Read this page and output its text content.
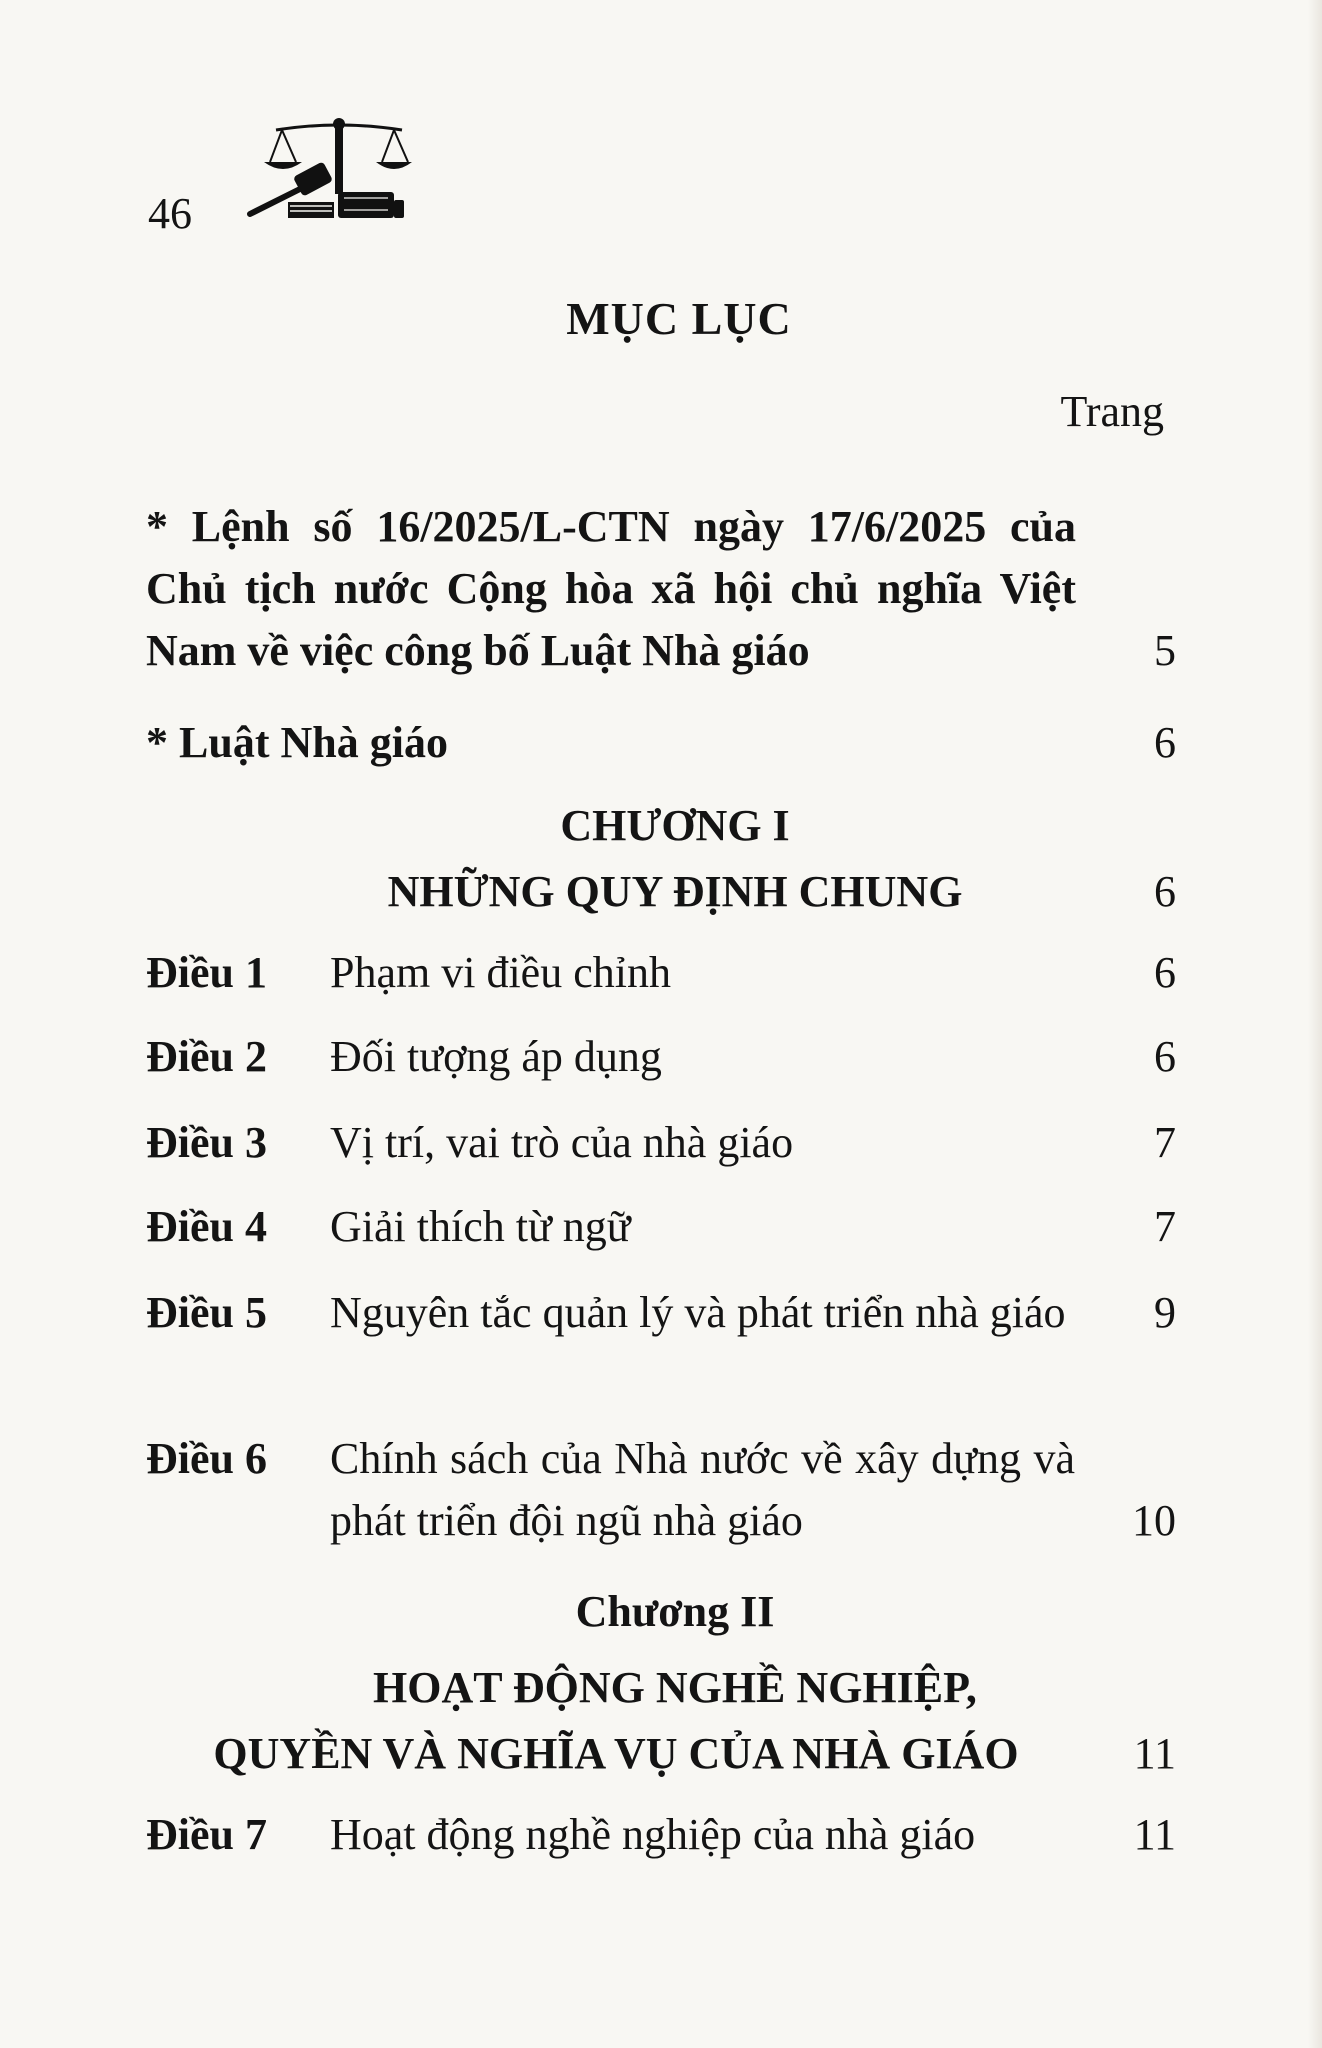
46
MỤC LỤC
Trang
* Lệnh số 16/2025/L-CTN ngày 17/6/2025 của Chủ tịch nước Cộng hòa xã hội chủ nghĩa Việt Nam về việc công bố Luật Nhà giáo	5
* Luật Nhà giáo	6
CHƯƠNG I
NHỮNG QUY ĐỊNH CHUNG	6
Điều 1 Phạm vi điều chỉnh	6
Điều 2 Đối tượng áp dụng	6
Điều 3 Vị trí, vai trò của nhà giáo	7
Điều 4 Giải thích từ ngữ	7
Điều 5 Nguyên tắc quản lý và phát triển nhà giáo 9
Điều 6 Chính sách của Nhà nước về xây dựng và phát triển đội ngũ nhà giáo	10
Chương II
HOẠT ĐỘNG NGHỀ NGHIỆP,
QUYỀN VÀ NGHĨA VỤ CỦA NHÀ GIÁO	11
Điều 7 Hoạt động nghề nghiệp của nhà giáo	11
